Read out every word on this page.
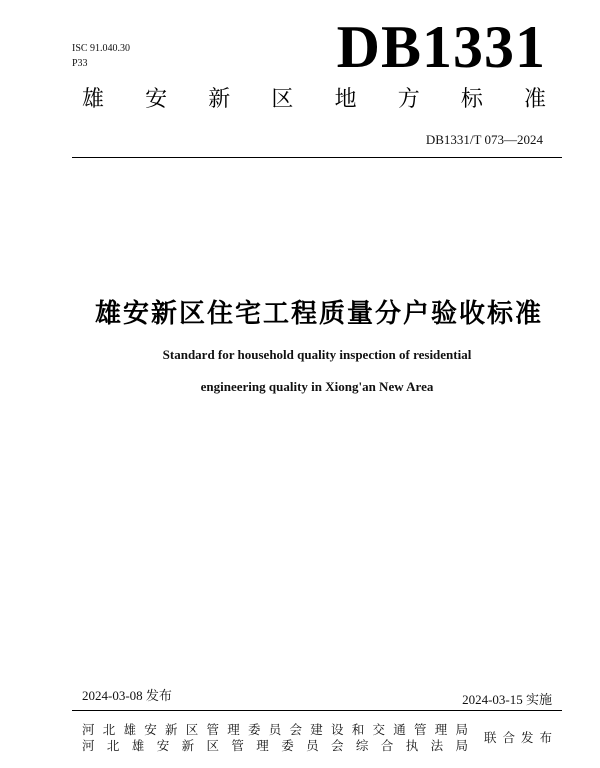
ISC 91.040.30
P33	DB1331
雄 安 新 区 地 方 标 准
DB1331/T 073—2024
雄安新区住宅工程质量分户验收标准
Standard for household quality inspection of residential
engineering quality in Xiong'an New Area
2024-03-08 发布	2024-03-15 实施
河 北 雄 安 新 区 管 理 委 员 会 建 设 和 交 通 管 理 局
河 北 雄 安 新 区 管 理 委 员 会 综 合 执 法 局
联 合 发 布
